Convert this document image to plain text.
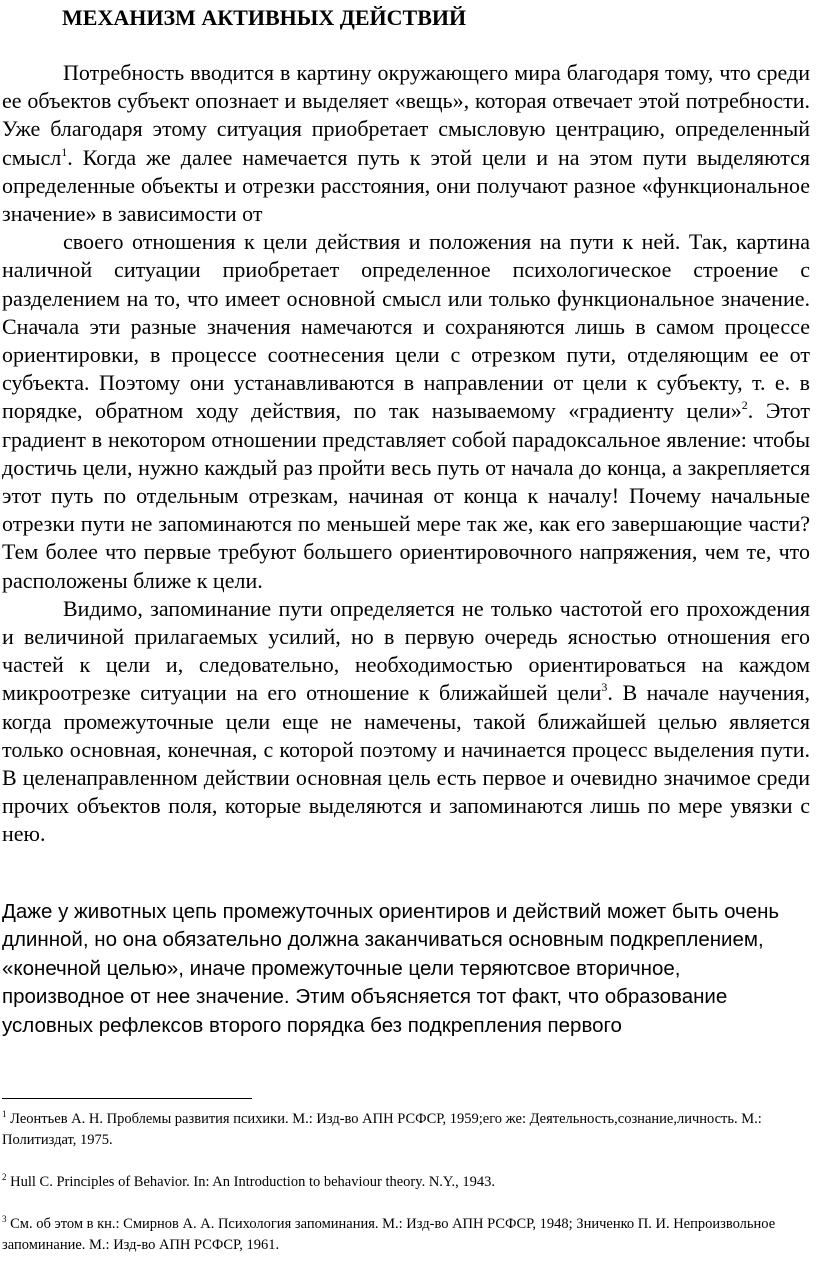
МЕХАНИЗМ АКТИВНЫХ ДЕЙСТВИЙ

Потребность вводится в картину окружающего мира благодаря тому, что среди ее объектов субъект опознает и выделяет «вещь», которая отвечает этой потребности. Уже благодаря этому ситуация приобретает смысловую центрацию, определенный смысл$^1$. Когда же далее намечается путь к этой цели и на этом пути выделяются определенные объекты и отрезки расстояния, они получают разное «функциональное значение» в зависимости от

своего отношения к цели действия и положения на пути к ней. Так, картина наличной ситуации приобретает определенное психологическое строение с разделением на то, что имеет основной смысл или только функциональное значение. Сначала эти разные значения намечаются и сохраняются лишь в самом процессе ориентировки, в процессе соотнесения цели с отрезком пути, отделяющим ее от субъекта. Поэтому они устанавливаются в направлении от цели к субъекту, т. е. в порядке, обратном ходу действия, по так называемому «градиенту цели»$^2$. Этот градиент в некотором отношении представляет собой парадоксальное явление: чтобы достичь цели, нужно каждый раз пройти весь путь от начала до конца, а закрепляется этот путь по отдельным отрезкам, начиная от конца к началу! Почему начальные отрезки пути не запоминаются по меньшей мере так же, как его завершающие части? Тем более что первые требуют большего ориентировочного напряжения, чем те, что расположены ближе к цели.

Видимо, запоминание пути определяется не только частотой его прохождения и величиной прилагаемых усилий, но в первую очередь ясностью отношения его частей к цели и, следовательно, необходимостью ориентироваться на каждом микроотрезке ситуации на его отношение к ближайшей цели$^3$. В начале научения, когда промежуточные цели еще не намечены, такой ближайшей целью является только основная, конечная, с которой поэтому и начинается процесс выделения пути. В целенаправленном действии основная цель есть первое и очевидно значимое среди прочих объектов поля, которые выделяются и запоминаются лишь по мере увязки с нею.

Даже у животных цепь промежуточных ориентиров и действий может быть очень длинной, но она обязательно должна заканчиваться основным подкреплением, «конечной целью», иначе промежуточные цели теряютсвое вторичное, производное от нее значение. Этим объясняется тот факт, что образование условных рефлексов второго порядка без подкрепления первого

$^1$ Леонтьев А. Н. Проблемы развития психики. М.: Изд-во АПН РСФСР, 1959;его же: Деятельность,сознание,личность. М.: Политиздат, 1975.

$^2$ Hull C. Principles of Behavior. In: An Introduction to behaviour theory. N.Y., 1943.

$^3$ См. об этом в кн.: Смирнов А. А. Психология запоминания. М.: Изд-во АПН РСФСР, 1948; Зниченко П. И. Непроизвольное запоминание. М.: Изд-во АПН РСФСР, 1961.
